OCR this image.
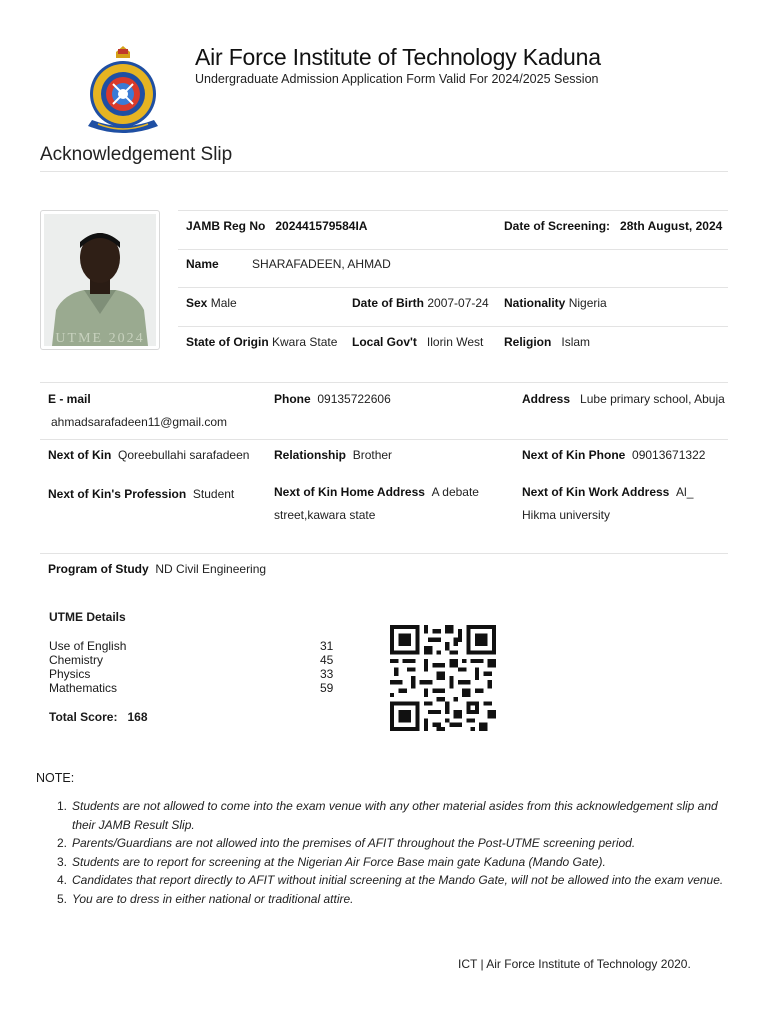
Air Force Institute of Technology Kaduna
Undergraduate Admission Application Form Valid For 2024/2025 Session
Acknowledgement Slip
UTME 2024
JAMB Reg No 202441579584IA	Date of Screening: 28th August, 2024
Name	SHARAFADEEN, AHMAD
Sex Male	Date of Birth 2007-07-24 Nationality Nigeria
State of Origin Kwara State Local Gov't Ilorin West Religion Islam
E - mail
ahmadsarafadeen11@gmail.com
Phone 09135722606	Address Lube primary school, Abuja
Next of Kin Qoreebullahi sarafadeen Relationship Brother	Next of Kin Phone 09013671322
Next of Kin's Profession Student	Next of Kin Home Address A debate street,kawara state
Next of Kin Work Address Al_ Hikma university
Program of Study ND Civil Engineering
UTME Details
Use of English	31
Chemistry	45
Physics	33
Mathematics	59
Total Score: 168
NOTE:
1. Students are not allowed to come into the exam venue with any other material asides from this acknowledgement slip and their JAMB Result Slip.
2. Parents/Guardians are not allowed into the premises of AFIT throughout the Post-UTME screening period.
3. Students are to report for screening at the Nigerian Air Force Base main gate Kaduna (Mando Gate).
4. Candidates that report directly to AFIT without initial screening at the Mando Gate, will not be allowed into the exam venue.
5. You are to dress in either national or traditional attire.
ICT | Air Force Institute of Technology 2020.
